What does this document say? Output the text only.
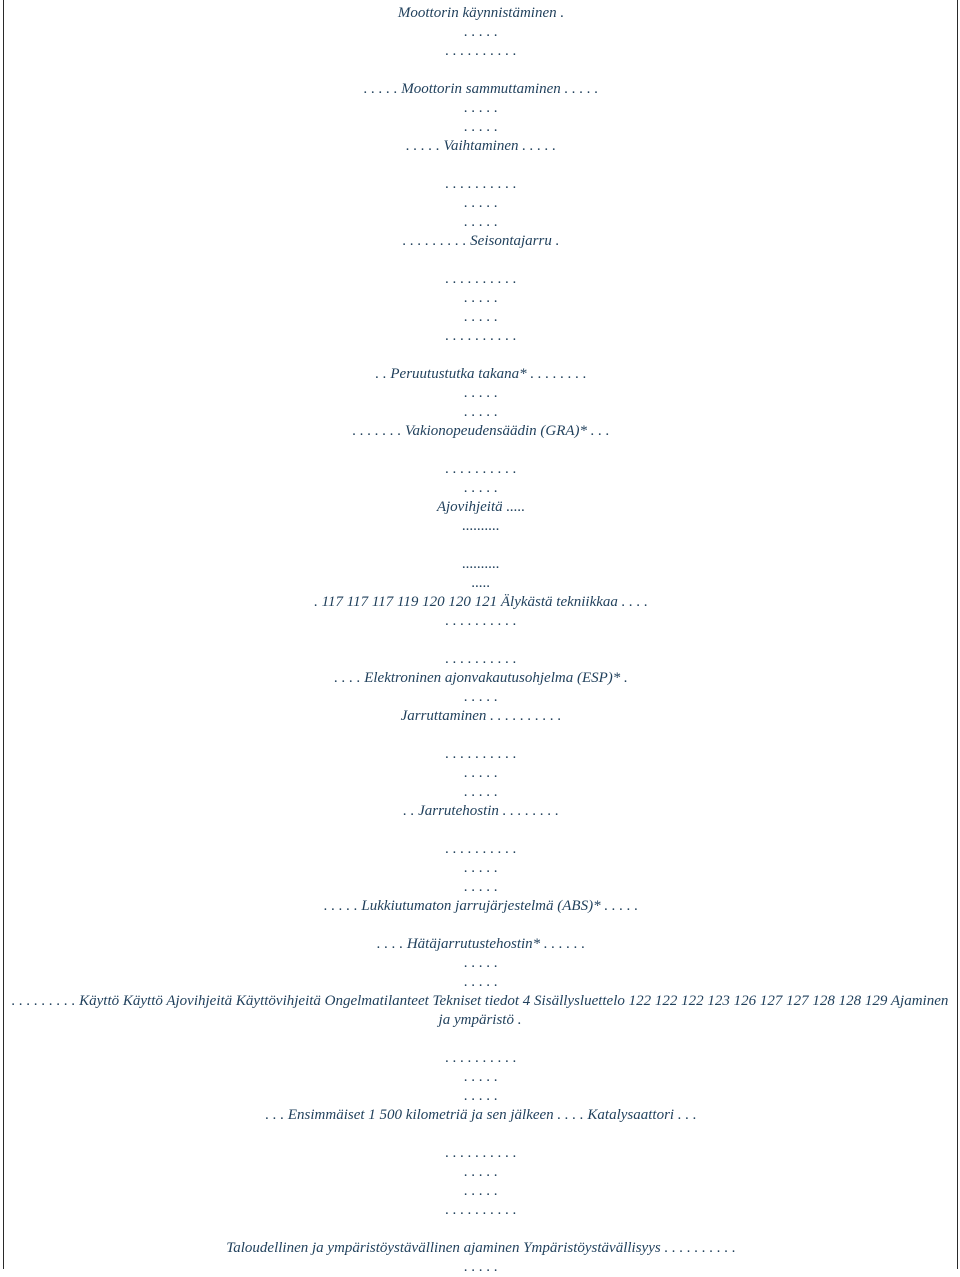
Moottorin käynnistäminen .
. . . . .
. . . . . . . . . .
. . . . . Moottorin sammuttaminen . . . . .
. . . . .
. . . . .
. . . . . Vaihtaminen . . . . .
. . . . . . . . . .
. . . . .
. . . . .
. . . . . . . . . Seisontajarru .
. . . . . . . . . .
. . . . .
. . . . .
. . . . . . . . . .
. . Peruutustutka takana* . . . . . . . .
. . . . .
. . . . .
. . . . . . . Vakionopeudensäädin (GRA)* . . .
. . . . . . . . . .
. . . . .
Ajovihjeitä .....
..........
..........
.....
. 117 117 117 119 120 120 121 Älykästä tekniikkaa . . . .
. . . . . . . . . .
. . . . . . . . . .
. . . . Elektroninen ajonvakautusohjelma (ESP)* .
. . . . .
Jarruttaminen . . . . . . . . . .
. . . . . . . . . .
. . . . .
. . . . .
. . Jarrutehostin . . . . . . . .
. . . . . . . . . .
. . . . .
. . . . .
. . . . . Lukkiutumaton jarrujärjestelmä (ABS)* . . . . .
. . . . Hätäjarrutustehostin* . . . . . .
. . . . .
. . . . .
. . . . . . . . . Käyttö Käyttö Ajovihjeitä Käyttövihjeitä Ongelmatilanteet Tekniset tiedot 4 Sisällysluettelo 122 122 122 123 126 127 127 128 128 129 Ajaminen ja ympäristö .
. . . . . . . . . .
. . . . .
. . . . .
. . . Ensimmäiset 1 500 kilometriä ja sen jälkeen . . . . Katalysaattori . . .
. . . . . . . . . .
. . . . .
. . . . .
. . . . . . . . . .
Taloudellinen ja ympäristöystävällinen ajaminen Ympäristöystävällisyys . . . . . . . . . .
. . . . .
